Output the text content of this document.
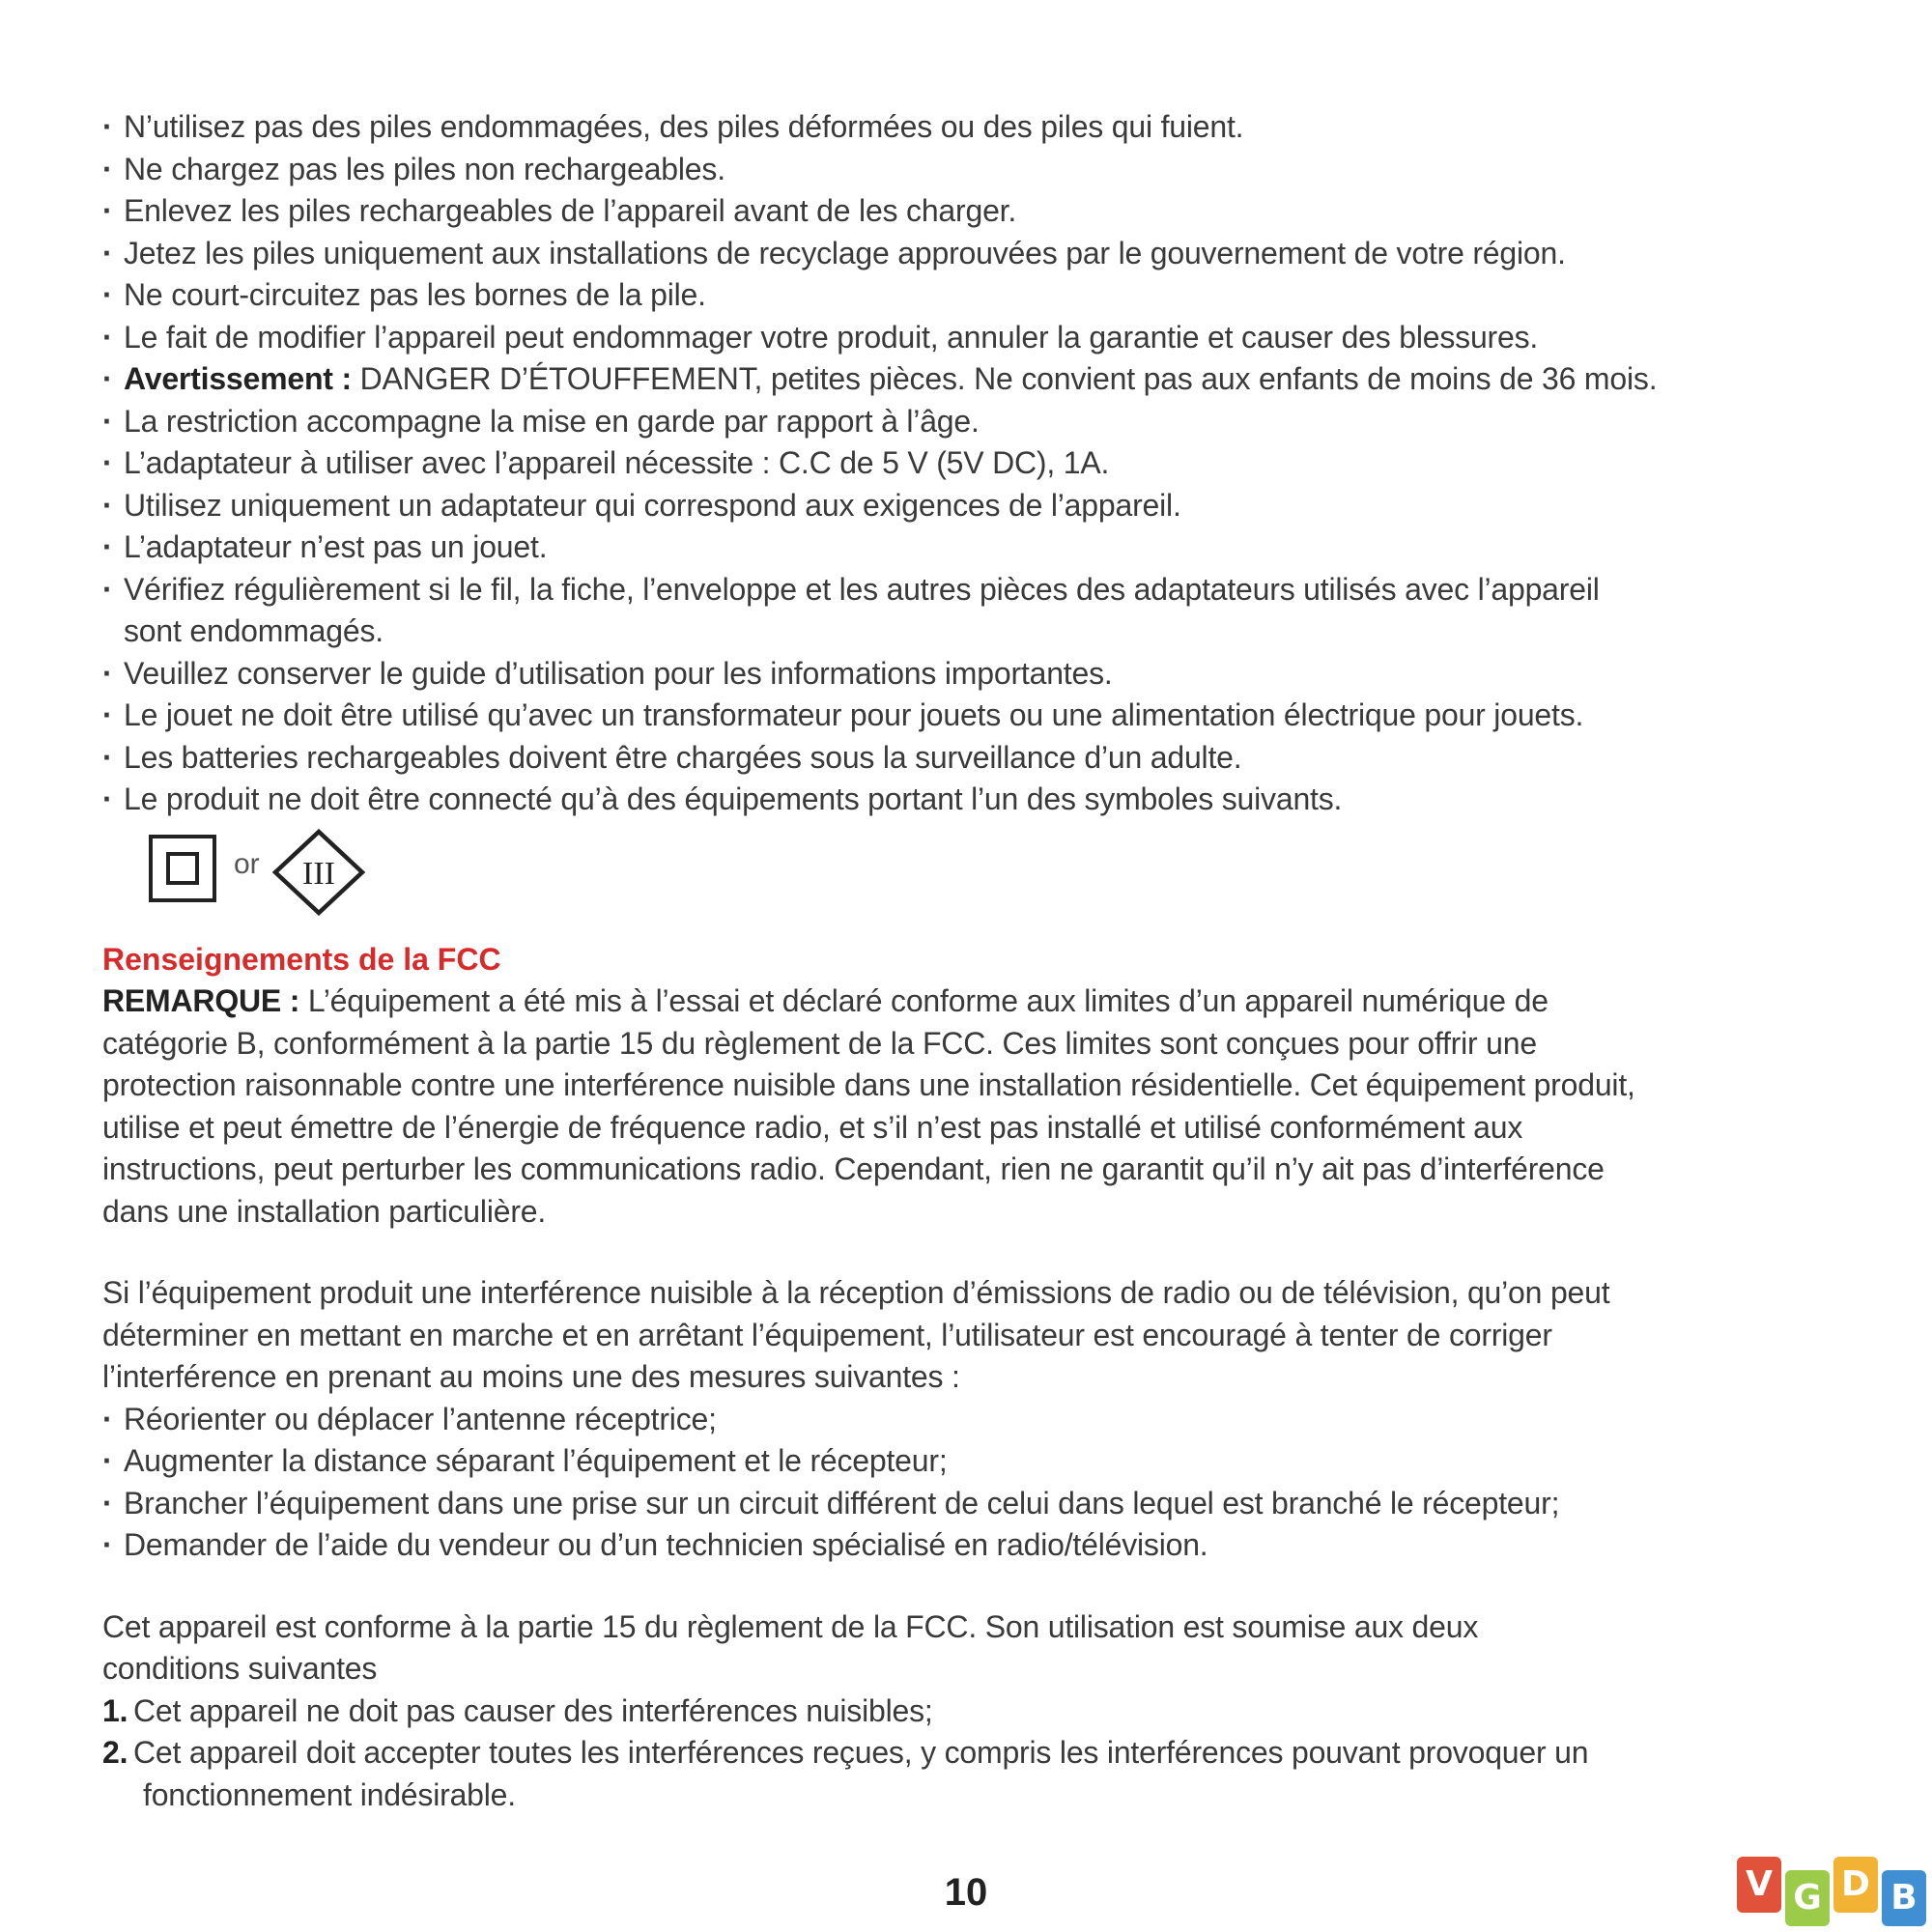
· N’utilisez pas des piles endommagées, des piles déformées ou des piles qui fuient.
· Ne chargez pas les piles non rechargeables.
· Enlevez les piles rechargeables de l’appareil avant de les charger.
· Jetez les piles uniquement aux installations de recyclage approuvées par le gouvernement de votre région.
· Ne court-circuitez pas les bornes de la pile.
· Le fait de modifier l’appareil peut endommager votre produit, annuler la garantie et causer des blessures.
· Avertissement : DANGER D’ÉTOUFFEMENT, petites pièces. Ne convient pas aux enfants de moins de 36 mois.
· La restriction accompagne la mise en garde par rapport à l’âge.
· L’adaptateur à utiliser avec l’appareil nécessite : C.C de 5 V (5V DC), 1A.
· Utilisez uniquement un adaptateur qui correspond aux exigences de l’appareil.
· L’adaptateur n’est pas un jouet.
· Vérifiez régulièrement si le fil, la fiche, l’enveloppe et les autres pièces des adaptateurs utilisés avec l’appareil
sont endommagés.
· Veuillez conserver le guide d’utilisation pour les informations importantes.
· Le jouet ne doit être utilisé qu’avec un transformateur pour jouets ou une alimentation électrique pour jouets.
· Les batteries rechargeables doivent être chargées sous la surveillance d’un adulte.
· Le produit ne doit être connecté qu’à des équipements portant l’un des symboles suivants.
or III
Renseignements de la FCC
REMARQUE : L’équipement a été mis à l’essai et déclaré conforme aux limites d’un appareil numérique de
catégorie B, conformément à la partie 15 du règlement de la FCC. Ces limites sont conçues pour offrir une
protection raisonnable contre une interférence nuisible dans une installation résidentielle. Cet équipement produit,
utilise et peut émettre de l’énergie de fréquence radio, et s’il n’est pas installé et utilisé conformément aux
instructions, peut perturber les communications radio. Cependant, rien ne garantit qu’il n’y ait pas d’interférence
dans une installation particulière.
Si l’équipement produit une interférence nuisible à la réception d’émissions de radio ou de télévision, qu’on peut
déterminer en mettant en marche et en arrêtant l’équipement, l’utilisateur est encouragé à tenter de corriger
l’interférence en prenant au moins une des mesures suivantes :
· Réorienter ou déplacer l’antenne réceptrice;
· Augmenter la distance séparant l’équipement et le récepteur;
· Brancher l’équipement dans une prise sur un circuit différent de celui dans lequel est branché le récepteur;
· Demander de l’aide du vendeur ou d’un technicien spécialisé en radio/télévision.
Cet appareil est conforme à la partie 15 du règlement de la FCC. Son utilisation est soumise aux deux
conditions suivantes
1. Cet appareil ne doit pas causer des interférences nuisibles;
2. Cet appareil doit accepter toutes les interférences reçues, y compris les interférences pouvant provoquer un
fonctionnement indésirable.
10	V G D B
